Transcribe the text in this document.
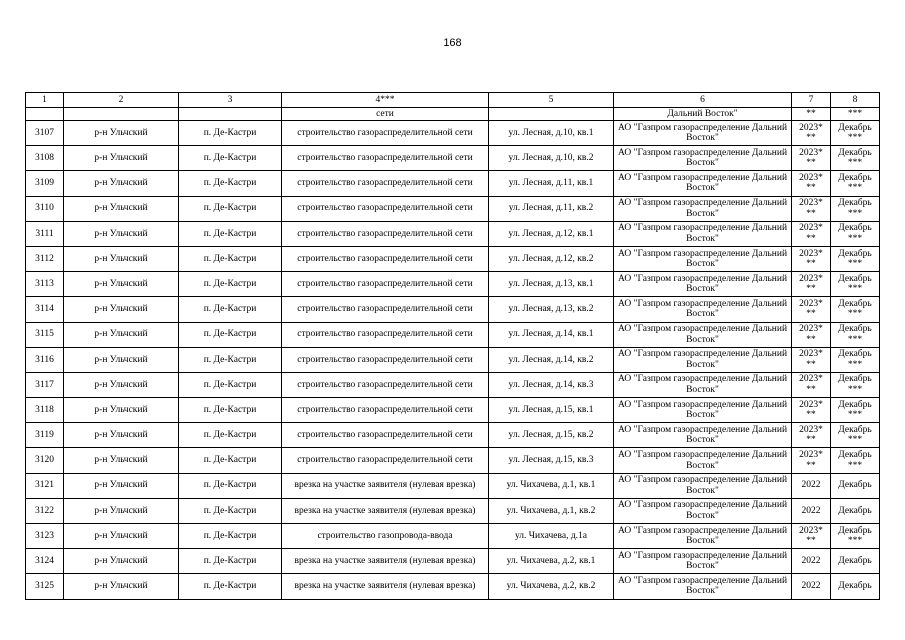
168
1	2	3	4***	5	6	7	8
			сети		Дальний Восток"	**	***
3107	р-н Ульчский	п. Де-Кастри	строительство газораспределительной сети	ул. Лесная, д.10, кв.1	АО "Газпром газораспределение Дальний Восток"	2023* **	Декабрь ***
3108	р-н Ульчский	п. Де-Кастри	строительство газораспределительной сети	ул. Лесная, д.10, кв.2	АО "Газпром газораспределение Дальний Восток"	2023* **	Декабрь ***
3109	р-н Ульчский	п. Де-Кастри	строительство газораспределительной сети	ул. Лесная, д.11, кв.1	АО "Газпром газораспределение Дальний Восток"	2023* **	Декабрь ***
3110	р-н Ульчский	п. Де-Кастри	строительство газораспределительной сети	ул. Лесная, д.11, кв.2	АО "Газпром газораспределение Дальний Восток"	2023* **	Декабрь ***
3111	р-н Ульчский	п. Де-Кастри	строительство газораспределительной сети	ул. Лесная, д.12, кв.1	АО "Газпром газораспределение Дальний Восток"	2023* **	Декабрь ***
3112	р-н Ульчский	п. Де-Кастри	строительство газораспределительной сети	ул. Лесная, д.12, кв.2	АО "Газпром газораспределение Дальний Восток"	2023* **	Декабрь ***
3113	р-н Ульчский	п. Де-Кастри	строительство газораспределительной сети	ул. Лесная, д.13, кв.1	АО "Газпром газораспределение Дальний Восток"	2023* **	Декабрь ***
3114	р-н Ульчский	п. Де-Кастри	строительство газораспределительной сети	ул. Лесная, д.13, кв.2	АО "Газпром газораспределение Дальний Восток"	2023* **	Декабрь ***
3115	р-н Ульчский	п. Де-Кастри	строительство газораспределительной сети	ул. Лесная, д.14, кв.1	АО "Газпром газораспределение Дальний Восток"	2023* **	Декабрь ***
3116	р-н Ульчский	п. Де-Кастри	строительство газораспределительной сети	ул. Лесная, д.14, кв.2	АО "Газпром газораспределение Дальний Восток"	2023* **	Декабрь ***
3117	р-н Ульчский	п. Де-Кастри	строительство газораспределительной сети	ул. Лесная, д.14, кв.3	АО "Газпром газораспределение Дальний Восток"	2023* **	Декабрь ***
3118	р-н Ульчский	п. Де-Кастри	строительство газораспределительной сети	ул. Лесная, д.15, кв.1	АО "Газпром газораспределение Дальний Восток"	2023* **	Декабрь ***
3119	р-н Ульчский	п. Де-Кастри	строительство газораспределительной сети	ул. Лесная, д.15, кв.2	АО "Газпром газораспределение Дальний Восток"	2023* **	Декабрь ***
3120	р-н Ульчский	п. Де-Кастри	строительство газораспределительной сети	ул. Лесная, д.15, кв.3	АО "Газпром газораспределение Дальний Восток"	2023* **	Декабрь ***
3121	р-н Ульчский	п. Де-Кастри	врезка на участке заявителя (нулевая врезка)	ул. Чихачева, д.1, кв.1	АО "Газпром газораспределение Дальний Восток"	2022	Декабрь
3122	р-н Ульчский	п. Де-Кастри	врезка на участке заявителя (нулевая врезка)	ул. Чихачева, д.1, кв.2	АО "Газпром газораспределение Дальний Восток"	2022	Декабрь
3123	р-н Ульчский	п. Де-Кастри	строительство газопровода-ввода	ул. Чихачева, д.1а	АО "Газпром газораспределение Дальний Восток"	2023* **	Декабрь ***
3124	р-н Ульчский	п. Де-Кастри	врезка на участке заявителя (нулевая врезка)	ул. Чихачева, д.2, кв.1	АО "Газпром газораспределение Дальний Восток"	2022	Декабрь
3125	р-н Ульчский	п. Де-Кастри	врезка на участке заявителя (нулевая врезка)	ул. Чихачева, д.2, кв.2	АО "Газпром газораспределение Дальний Восток"	2022	Декабрь
